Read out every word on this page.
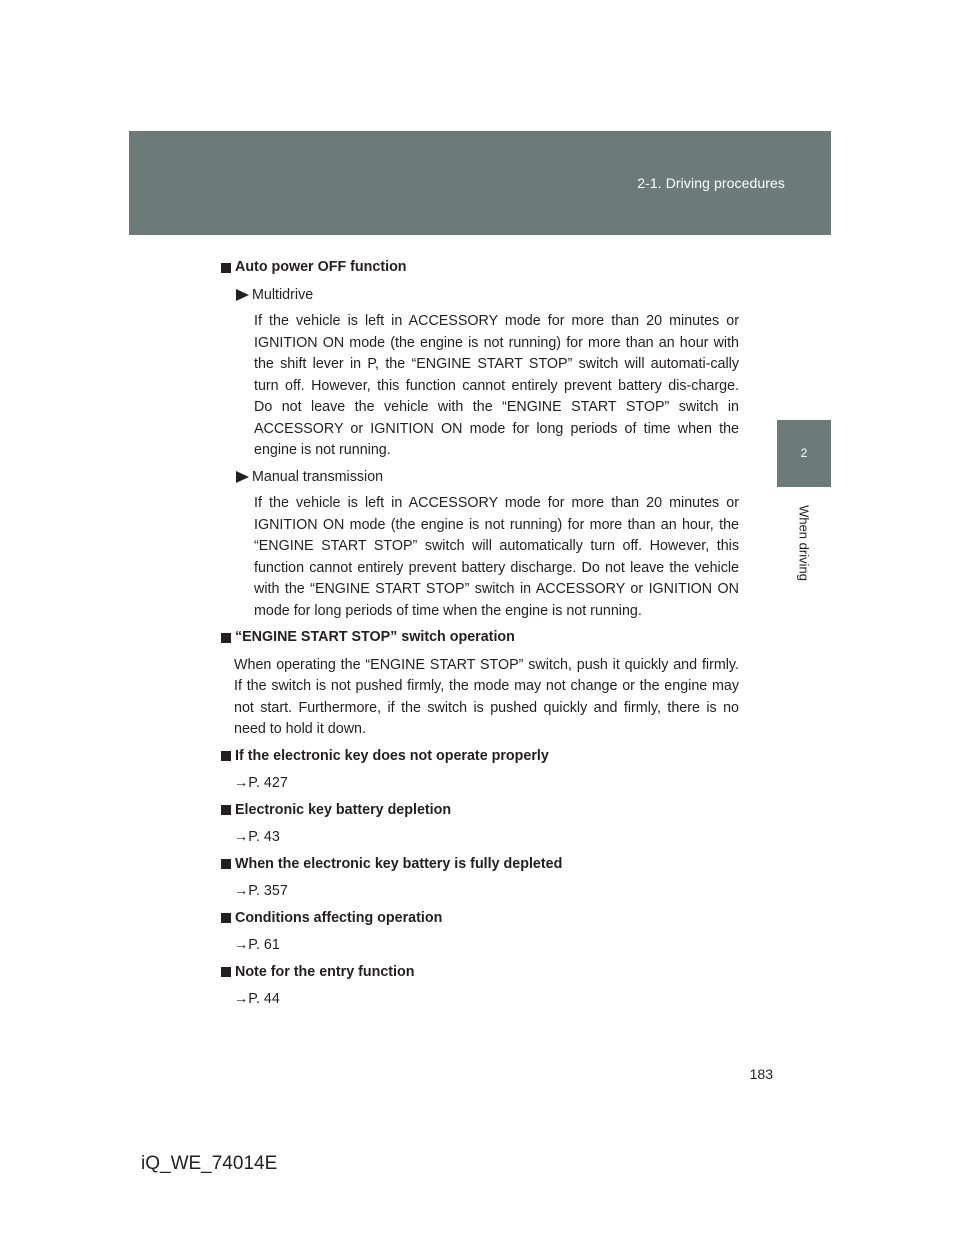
2-1. Driving procedures
2
When driving
Auto power OFF function
Multidrive
If the vehicle is left in ACCESSORY mode for more than 20 minutes or IGNITION ON mode (the engine is not running) for more than an hour with the shift lever in P, the “ENGINE START STOP” switch will automati-cally turn off. However, this function cannot entirely prevent battery dis-charge. Do not leave the vehicle with the “ENGINE START STOP” switch in ACCESSORY or IGNITION ON mode for long periods of time when the engine is not running.
Manual transmission
If the vehicle is left in ACCESSORY mode for more than 20 minutes or IGNITION ON mode (the engine is not running) for more than an hour, the “ENGINE START STOP” switch will automatically turn off. However, this function cannot entirely prevent battery discharge. Do not leave the vehicle with the “ENGINE START STOP” switch in ACCESSORY or IGNITION ON mode for long periods of time when the engine is not running.
“ENGINE START STOP” switch operation
When operating the “ENGINE START STOP” switch, push it quickly and firmly. If the switch is not pushed firmly, the mode may not change or the engine may not start. Furthermore, if the switch is pushed quickly and firmly, there is no need to hold it down.
If the electronic key does not operate properly
→P. 427
Electronic key battery depletion
→P. 43
When the electronic key battery is fully depleted
→P. 357
Conditions affecting operation
→P. 61
Note for the entry function
→P. 44
183
iQ_WE_74014E
